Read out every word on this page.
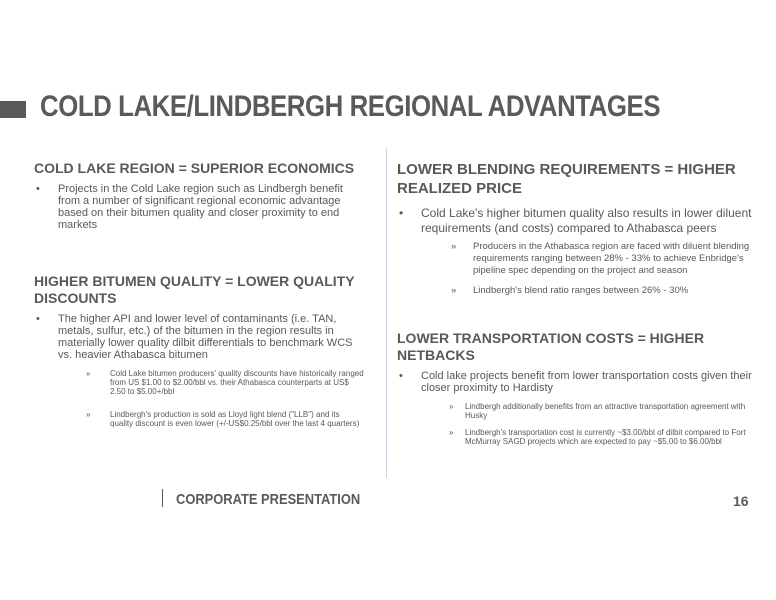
COLD LAKE/LINDBERGH REGIONAL ADVANTAGES
COLD LAKE REGION = SUPERIOR ECONOMICS
• Projects in the Cold Lake region such as Lindbergh benefit from a number of significant regional economic advantage based on their bitumen quality and closer proximity to end markets
HIGHER BITUMEN QUALITY = LOWER QUALITY DISCOUNTS
• The higher API and lower level of contaminants (i.e. TAN, metals, sulfur, etc.) of the bitumen in the region results in materially lower quality dilbit differentials to benchmark WCS vs. heavier Athabasca bitumen
» Cold Lake bitumen producers' quality discounts have historically ranged from US $1.00 to $2.00/bbl vs. their Athabasca counterparts at US$ 2.50 to $5.00+/bbl
» Lindbergh's production is sold as Lloyd light blend ("LLB") and its quality discount is even lower (+/-US$0.25/bbl over the last 4 quarters)
LOWER BLENDING REQUIREMENTS = HIGHER REALIZED PRICE
• Cold Lake's higher bitumen quality also results in lower diluent requirements (and costs) compared to Athabasca peers
» Producers in the Athabasca region are faced with diluent blending requirements ranging between 28% - 33% to achieve Enbridge's pipeline spec depending on the project and season
» Lindbergh's blend ratio ranges between 26% - 30%
LOWER TRANSPORTATION COSTS = HIGHER NETBACKS
• Cold lake projects benefit from lower transportation costs given their closer proximity to Hardisty
» Lindbergh additionally benefits from an attractive transportation agreement with Husky
» Lindbergh's transportation cost is currently ~$3.00/bbl of dilbit compared to Fort McMurray SAGD projects which are expected to pay ~$5.00 to $6.00/bbl
CORPORATE PRESENTATION	16
